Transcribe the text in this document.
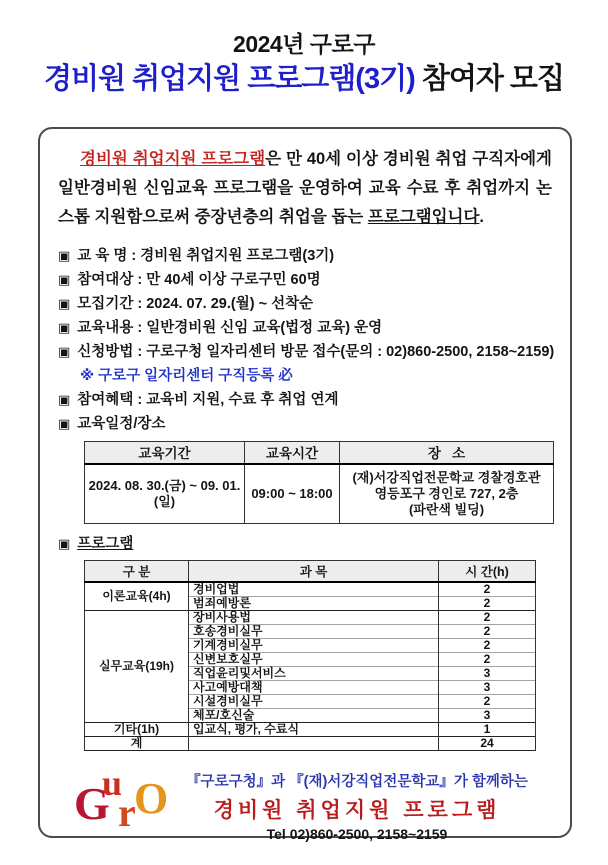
2024년 구로구
경비원 취업지원 프로그램(3기) 참여자 모집

경비원 취업지원 프로그램은 만 40세 이상 경비원 취업 구직자에게 일반경비원 신임교육 프로그램을 운영하여 교육 수료 후 취업까지 논스톱 지원함으로써 중장년층의 취업을 돕는 프로그램입니다.

▣ 교 육 명 : 경비원 취업지원 프로그램(3기)
▣ 참여대상 : 만 40세 이상 구로구민 60명
▣ 모집기간 : 2024. 07. 29.(월) ~ 선착순
▣ 교육내용 : 일반경비원 신임 교육(법정 교육) 운영
▣ 신청방법 : 구로구청 일자리센터 방문 접수(문의 : 02)860-2500, 2158~2159)
※ 구로구 일자리센터 구직등록 必
▣ 참여혜택 : 교육비 지원, 수료 후 취업 연계
▣ 교육일정/장소
교육기간	교육시간	장   소
2024. 08. 30.(금) ~ 09. 01.(일)	09:00 ~ 18:00	(재)서강직업전문학교 경찰경호관
영등포구 경인로 727, 2층
(파란색 빌딩)
▣ 프로그램
구 분	과 목	시 간(h)
이론교육(4h)	경비업법	2
	범죄예방론	2
실무교육(19h)	장비사용법	2
	호송경비실무	2
	기계경비실무	2
	신변보호실무	2
	직업윤리및서비스	3
	사고예방대책	3
	시설경비실무	2
	체포/호신술	3
기타(1h)	입교식, 평가, 수료식	1
계		24
u
G r
O	『구로구청』과 『(재)서강직업전문학교』가 함께하는
경비원 취업지원 프로그램
Tel 02)860-2500, 2158~2159
